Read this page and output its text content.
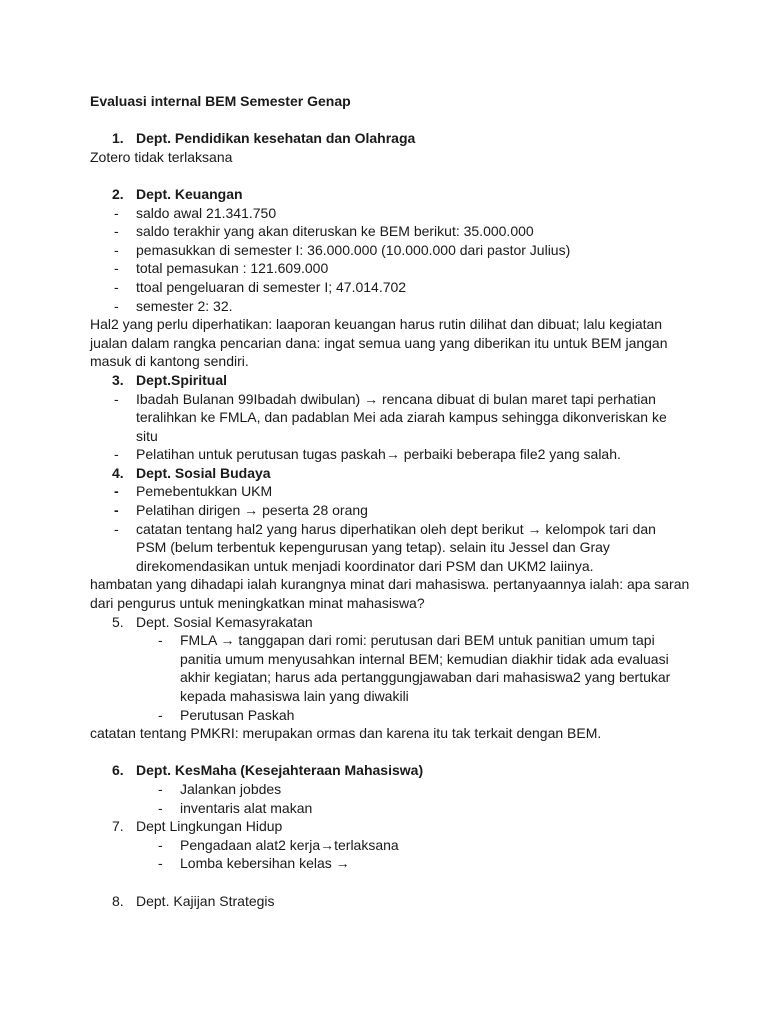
Evaluasi internal BEM Semester Genap

1. Dept. Pendidikan kesehatan dan Olahraga

Zotero tidak terlaksana

2. Dept. Keuangan

- saldo awal 21.341.750
- saldo terakhir yang akan diteruskan ke BEM berikut: 35.000.000
- pemasukkan di semester I: 36.000.000 (10.000.000 dari pastor Julius)
- total pemasukan : 121.609.000
- ttoal pengeluaran di semester I; 47.014.702
- semester 2: 32.

Hal2 yang perlu diperhatikan: laaporan keuangan harus rutin dilihat dan dibuat; lalu kegiatan jualan dalam rangka pencarian dana: ingat semua uang yang diberikan itu untuk BEM jangan masuk di kantong sendiri.

3. Dept.Spiritual

- Ibadah Bulanan 99Ibadah dwibulan) → rencana dibuat di bulan maret tapi perhatian teralihkan ke FMLA, dan padablan Mei ada ziarah kampus sehingga dikonveriskan ke situ
- Pelatihan untuk perutusan tugas paskah→ perbaiki beberapa file2 yang salah.

4. Dept. Sosial Budaya

- Pemebentukkan UKM
- Pelatihan dirigen → peserta 28 orang
- catatan tentang hal2 yang harus diperhatikan oleh dept berikut → kelompok tari dan PSM (belum terbentuk kepengurusan yang tetap). selain itu Jessel dan Gray direkomendasikan untuk menjadi koordinator dari PSM dan UKM2 laiinya.

hambatan yang dihadapi ialah kurangnya minat dari mahasiswa. pertanyaannya ialah: apa saran dari pengurus untuk meningkatkan minat mahasiswa?

5. Dept. Sosial Kemasyrakatan

- FMLA → tanggapan dari romi: perutusan dari BEM untuk panitian umum tapi panitia umum menyusahkan internal BEM; kemudian diakhir tidak ada evaluasi akhir kegiatan; harus ada pertanggungjawaban dari mahasiswa2 yang bertukar kepada mahasiswa lain yang diwakili
- Perutusan Paskah

catatan tentang PMKRI: merupakan ormas dan karena itu tak terkait dengan BEM.

6. Dept. KesMaha (Kesejahteraan Mahasiswa)

- Jalankan jobdes
- inventaris alat makan

7. Dept Lingkungan Hidup

- Pengadaan alat2 kerja→terlaksana
- Lomba kebersihan kelas →

8. Dept. Kajijan Strategis
